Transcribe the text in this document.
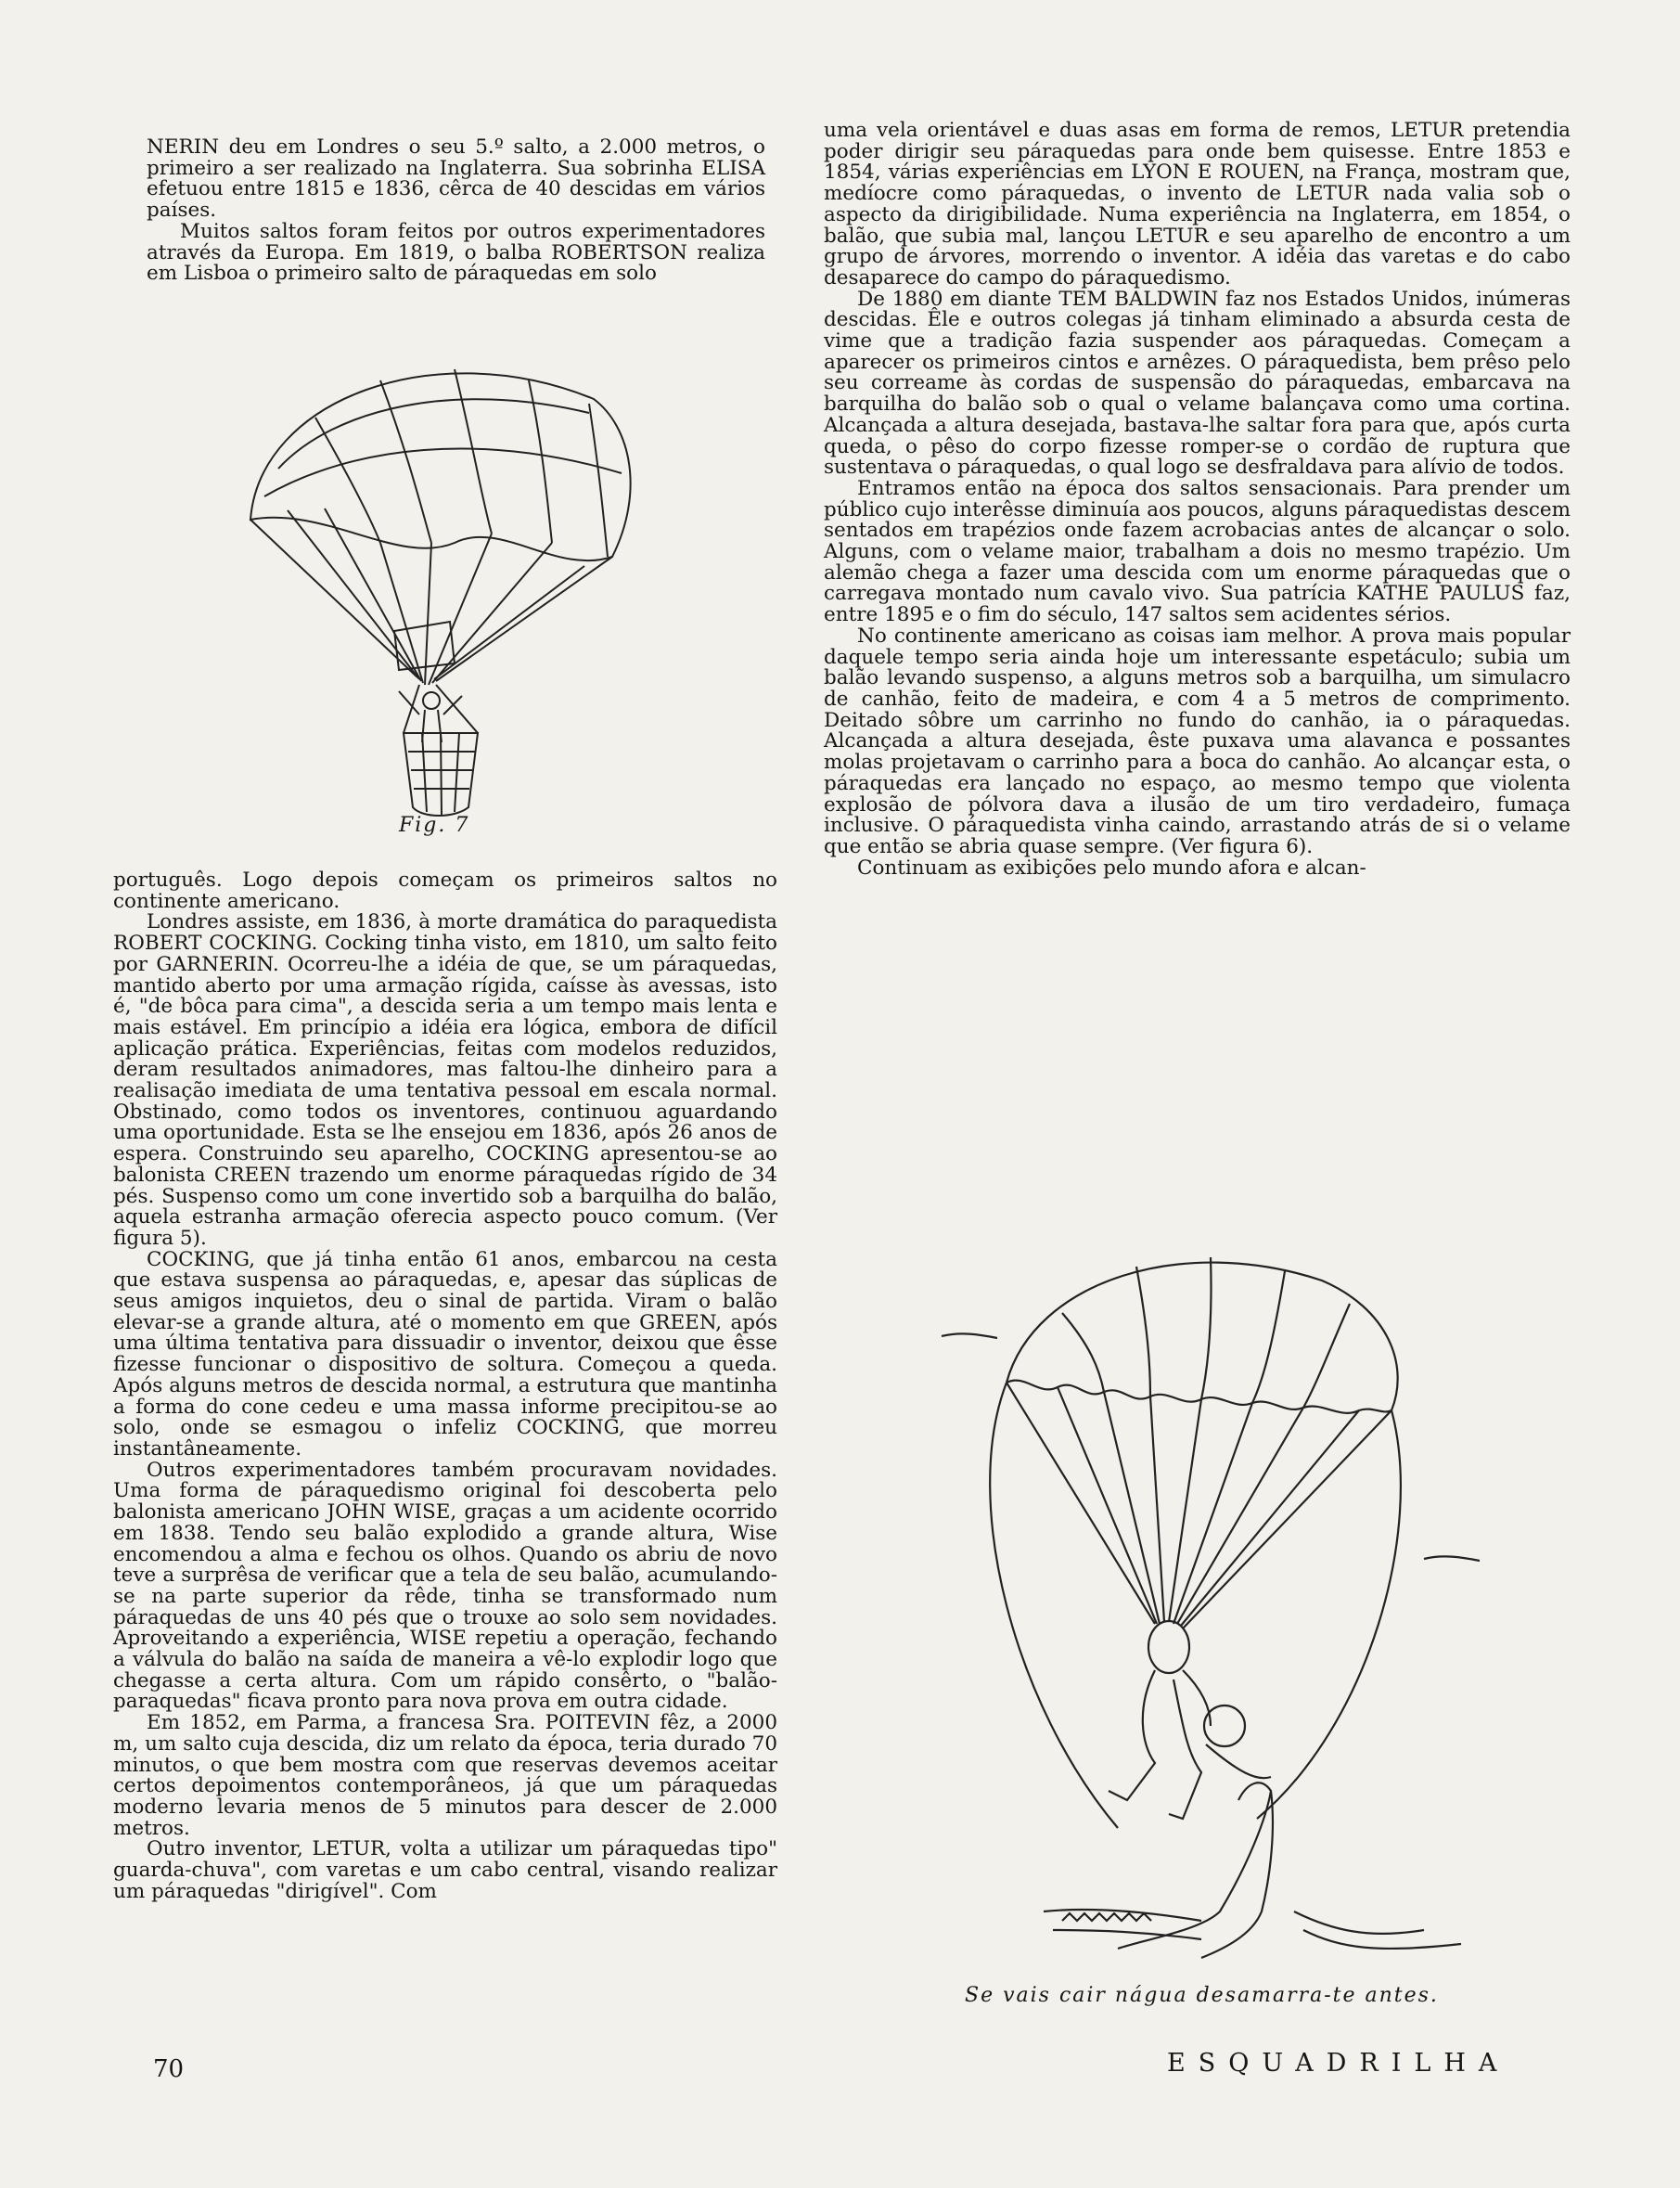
NERIN deu em Londres o seu 5.º salto, a 2.000 metros, o primeiro a ser realizado na Inglaterra. Sua sobrinha ELISA efetuou entre 1815 e 1836, cêrca de 40 descidas em vários países.

Muitos saltos foram feitos por outros experimentadores através da Europa. Em 1819, o balba ROBERTSON realiza em Lisboa o primeiro salto de páraquedas em solo

Fig. 7

português. Logo depois começam os primeiros saltos no continente americano.

Londres assiste, em 1836, à morte dramática do paraquedista ROBERT COCKING. Cocking tinha visto, em 1810, um salto feito por GARNERIN. Ocorreu-lhe a idéia de que, se um páraquedas, mantido aberto por uma armação rígida, caísse às avessas, isto é, "de bôca para cima", a descida seria a um tempo mais lenta e mais estável. Em princípio a idéia era lógica, embora de difícil aplicação prática. Experiências, feitas com modelos reduzidos, deram resultados animadores, mas faltou-lhe dinheiro para a realisação imediata de uma tentativa pessoal em escala normal. Obstinado, como todos os inventores, continuou aguardando uma oportunidade. Esta se lhe ensejou em 1836, após 26 anos de espera. Construindo seu aparelho, COCKING apresentou-se ao balonista CREEN trazendo um enorme páraquedas rígido de 34 pés. Suspenso como um cone invertido sob a barquilha do balão, aquela estranha armação oferecia aspecto pouco comum. (Ver figura 5).

COCKING, que já tinha então 61 anos, embarcou na cesta que estava suspensa ao páraquedas, e, apesar das súplicas de seus amigos inquietos, deu o sinal de partida. Viram o balão elevar-se a grande altura, até o momento em que GREEN, após uma última tentativa para dissuadir o inventor, deixou que êsse fizesse funcionar o dispositivo de soltura. Começou a queda. Após alguns metros de descida normal, a estrutura que mantinha a forma do cone cedeu e uma massa informe precipitou-se ao solo, onde se esmagou o infeliz COCKING, que morreu instantâneamente.

Outros experimentadores também procuravam novidades. Uma forma de páraquedismo original foi descoberta pelo balonista americano JOHN WISE, graças a um acidente ocorrido em 1838. Tendo seu balão explodido a grande altura, Wise encomendou a alma e fechou os olhos. Quando os abriu de novo teve a surprêsa de verificar que a tela de seu balão, acumulando-se na parte superior da rêde, tinha se transformado num páraquedas de uns 40 pés que o trouxe ao solo sem novidades. Aproveitando a experiência, WISE repetiu a operação, fechando a válvula do balão na saída de maneira a vê-lo explodir logo que chegasse a certa altura. Com um rápido consêrto, o "balão-paraquedas" ficava pronto para nova prova em outra cidade.

Em 1852, em Parma, a francesa Sra. POITEVIN fêz, a 2000 m, um salto cuja descida, diz um relato da época, teria durado 70 minutos, o que bem mostra com que reservas devemos aceitar certos depoimentos contemporâneos, já que um páraquedas moderno levaria menos de 5 minutos para descer de 2.000 metros.

Outro inventor, LETUR, volta a utilizar um páraquedas tipo" guarda-chuva", com varetas e um cabo central, visando realizar um páraquedas "dirigível". Com

uma vela orientável e duas asas em forma de remos, LETUR pretendia poder dirigir seu páraquedas para onde bem quisesse. Entre 1853 e 1854, várias experiências em LYON E ROUEN, na França, mostram que, medíocre como páraquedas, o invento de LETUR nada valia sob o aspecto da dirigibilidade. Numa experiência na Inglaterra, em 1854, o balão, que subia mal, lançou LETUR e seu aparelho de encontro a um grupo de árvores, morrendo o inventor. A idéia das varetas e do cabo desaparece do campo do páraquedismo.

De 1880 em diante TEM BALDWIN faz nos Estados Unidos, inúmeras descidas. Êle e outros colegas já tinham eliminado a absurda cesta de vime que a tradição fazia suspender aos páraquedas. Começam a aparecer os primeiros cintos e arnêzes. O páraquedista, bem prêso pelo seu correame às cordas de suspensão do páraquedas, embarcava na barquilha do balão sob o qual o velame balançava como uma cortina. Alcançada a altura desejada, bastava-lhe saltar fora para que, após curta queda, o pêso do corpo fizesse romper-se o cordão de ruptura que sustentava o páraquedas, o qual logo se desfraldava para alívio de todos.

Entramos então na época dos saltos sensacionais. Para prender um público cujo interêsse diminuía aos poucos, alguns páraquedistas descem sentados em trapézios onde fazem acrobacias antes de alcançar o solo. Alguns, com o velame maior, trabalham a dois no mesmo trapézio. Um alemão chega a fazer uma descida com um enorme páraquedas que o carregava montado num cavalo vivo. Sua patrícia KATHE PAULUS faz, entre 1895 e o fim do século, 147 saltos sem acidentes sérios.

No continente americano as coisas iam melhor. A prova mais popular daquele tempo seria ainda hoje um interessante espetáculo; subia um balão levando suspenso, a alguns metros sob a barquilha, um simulacro de canhão, feito de madeira, e com 4 a 5 metros de comprimento. Deitado sôbre um carrinho no fundo do canhão, ia o páraquedas. Alcançada a altura desejada, êste puxava uma alavanca e possantes molas projetavam o carrinho para a boca do canhão. Ao alcançar esta, o páraquedas era lançado no espaço, ao mesmo tempo que violenta explosão de pólvora dava a ilusão de um tiro verdadeiro, fumaça inclusive. O páraquedista vinha caindo, arrastando atrás de si o velame que então se abria quase sempre. (Ver figura 6).

Continuam as exibições pelo mundo afora e alcan-

Se vais cair nágua desamarra-te antes.
70	ESQUADRILHA
